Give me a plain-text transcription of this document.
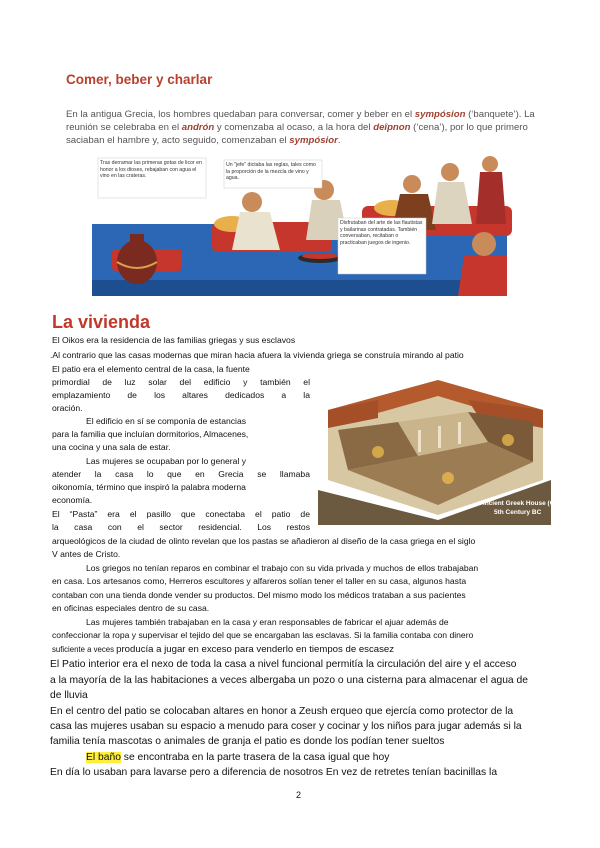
Comer, beber y charlar
En la antigua Grecia, los hombres quedaban para conversar, comer y beber en el sympósion (‘banquete’). La reunión se celebraba en el andrón y comenzaba al ocaso, a la hora del deîpnon (‘cena’), por lo que primero saciaban el hambre y, acto seguido, comenzaban el sympósior.
Tras derramar las primeras gotas de licor en honor a los dioses, rebajaban con agua el vino en las crateras.
Un "jefe" dictaba las reglas, tales como la proporción de la mezcla de vino y agua.
Disfrutaban del arte de las flautistas y bailarinas contratadas. También conversaban, recitaban o practicaban juegos de ingenio.
La vivienda
El Oikos era la residencia de las familias griegas y sus esclavos
.Al contrario que las casas modernas que miran hacia afuera la vivienda griega se construía mirando al patio
El patio era el elemento central de la casa, la fuente
primordial de luz solar del edificio y también el
emplazamiento de los altares dedicados a la
oración.
El edificio en sí se componía de estancias
para la familia que incluían dormitorios, Almacenes,
una cocina y una sala de estar.
Las mujeres se ocupaban por lo general y
atender la casa lo que en Grecia se llamaba
oikonomía, término que inspiró la palabra moderna
economía.
El “Pasta” era el pasillo que conectaba el patio de
la casa con el sector residencial. Los restos
arqueológicos de la ciudad de olinto revelan que los pastas se añadieron al diseño de la casa griega en el siglo
V antes de Cristo.
Ancient Greek House (Oikos)
5th Century BC
Los griegos no tenían reparos en combinar el trabajo con su vida privada y muchos de ellos trabajaban
en casa. Los artesanos como, Herreros escultores y alfareros solían tener el taller en su casa, algunos hasta
contaban con una tienda donde vender su productos. Del mismo modo los médicos trataban a sus pacientes
en oficinas especiales dentro de su casa.
Las mujeres también trabajaban en la casa y eran responsables de fabricar el ajuar además de
confeccionar la ropa y supervisar el tejido del que se encargaban las esclavas. Si la familia contaba con dinero
suficiente a veces producía a jugar en exceso para venderlo en tiempos de escasez
El Patio interior era el nexo de toda la casa a nivel funcional permitía la circulación del aire y el acceso
a la mayoría de la las habitaciones a veces albergaba un pozo o una cisterna para almacenar el agua de
de lluvia
En el centro del patio se colocaban altares en honor a Zeush erqueo que ejercía como protector de la
casa las mujeres usaban su espacio a menudo para coser y cocinar y los niños para jugar además si la
familia tenía mascotas o animales de granja el patio es donde los podían tener sueltos
El baño se encontraba en la parte trasera de la casa igual que hoy
En día lo usaban para lavarse pero a diferencia de nosotros En vez de retretes tenían bacinillas la
2
